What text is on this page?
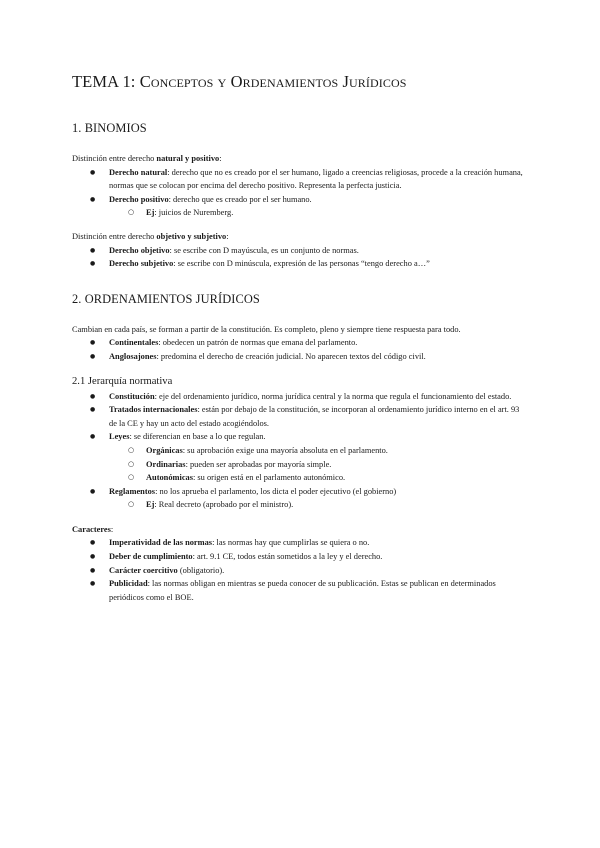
TEMA 1: Conceptos y Ordenamientos Jurídicos
1. BINOMIOS

Distinción entre derecho natural y positivo:

● Derecho natural: derecho que no es creado por el ser humano, ligado a creencias religiosas, procede a la creación humana, normas que se colocan por encima del derecho positivo. Representa la perfecta justicia.
● Derecho positivo: derecho que es creado por el ser humano.
○ Ej: juicios de Nuremberg.

Distinción entre derecho objetivo y subjetivo:

● Derecho objetivo: se escribe con D mayúscula, es un conjunto de normas.
● Derecho subjetivo: se escribe con D minúscula, expresión de las personas “tengo derecho a…”
2. ORDENAMIENTOS JURÍDICOS

Cambian en cada país, se forman a partir de la constitución. Es completo, pleno y siempre tiene respuesta para todo.

● Continentales: obedecen un patrón de normas que emana del parlamento.
● Anglosajones: predomina el derecho de creación judicial. No aparecen textos del código civil.
2.1 Jerarquía normativa
● Constitución: eje del ordenamiento jurídico, norma jurídica central y la norma que regula el funcionamiento del estado.
● Tratados internacionales: están por debajo de la constitución, se incorporan al ordenamiento jurídico interno en el art. 93 de la CE y hay un acto del estado acogiéndolos.
● Leyes: se diferencian en base a lo que regulan.
○ Orgánicas: su aprobación exige una mayoría absoluta en el parlamento.
○ Ordinarias: pueden ser aprobadas por mayoría simple.
○ Autonómicas: su origen está en el parlamento autonómico.
● Reglamentos: no los aprueba el parlamento, los dicta el poder ejecutivo (el gobierno)
○ Ej: Real decreto (aprobado por el ministro).

Caracteres:

● Imperatividad de las normas: las normas hay que cumplirlas se quiera o no.
● Deber de cumplimiento: art. 9.1 CE, todos están sometidos a la ley y el derecho.
● Carácter coercitivo (obligatorio).
● Publicidad: las normas obligan en mientras se pueda conocer de su publicación. Estas se publican en determinados periódicos como el BOE.
